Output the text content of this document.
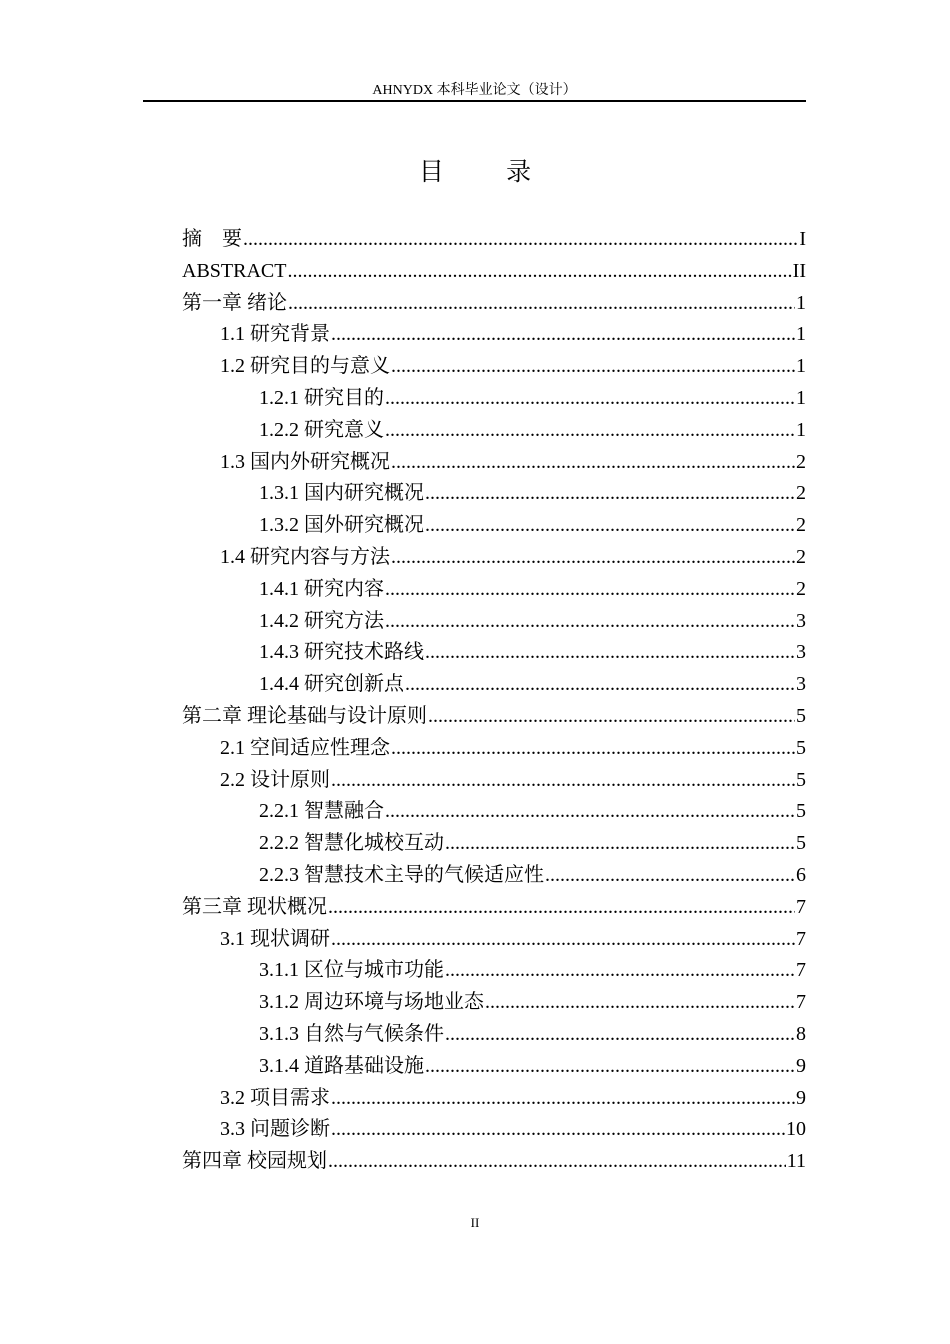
AHNYDX 本科毕业论文（设计）
目 录
摘　要 .....	I
ABSTRACT .....	II
第一章 绪论 .....	1
1.1 研究背景 .....	1
1.2 研究目的与意义 .....	1
1.2.1 研究目的 .....	1
1.2.2 研究意义 .....	1
1.3 国内外研究概况 .....	2
1.3.1 国内研究概况 .....	2
1.3.2 国外研究概况 .....	2
1.4 研究内容与方法 .....	2
1.4.1 研究内容 .....	2
1.4.2 研究方法 .....	3
1.4.3 研究技术路线 .....	3
1.4.4 研究创新点 .....	3
第二章 理论基础与设计原则 .....	5
2.1 空间适应性理念 .....	5
2.2 设计原则 .....	5
2.2.1 智慧融合 .....	5
2.2.2 智慧化城校互动 .....	5
2.2.3 智慧技术主导的气候适应性 .....	6
第三章 现状概况 .....	7
3.1 现状调研 .....	7
3.1.1 区位与城市功能 .....	7
3.1.2 周边环境与场地业态 .....	7
3.1.3 自然与气候条件 .....	8
3.1.4 道路基础设施 .....	9
3.2 项目需求 .....	9
3.3 问题诊断 .....	10
第四章 校园规划 .....	11
II
